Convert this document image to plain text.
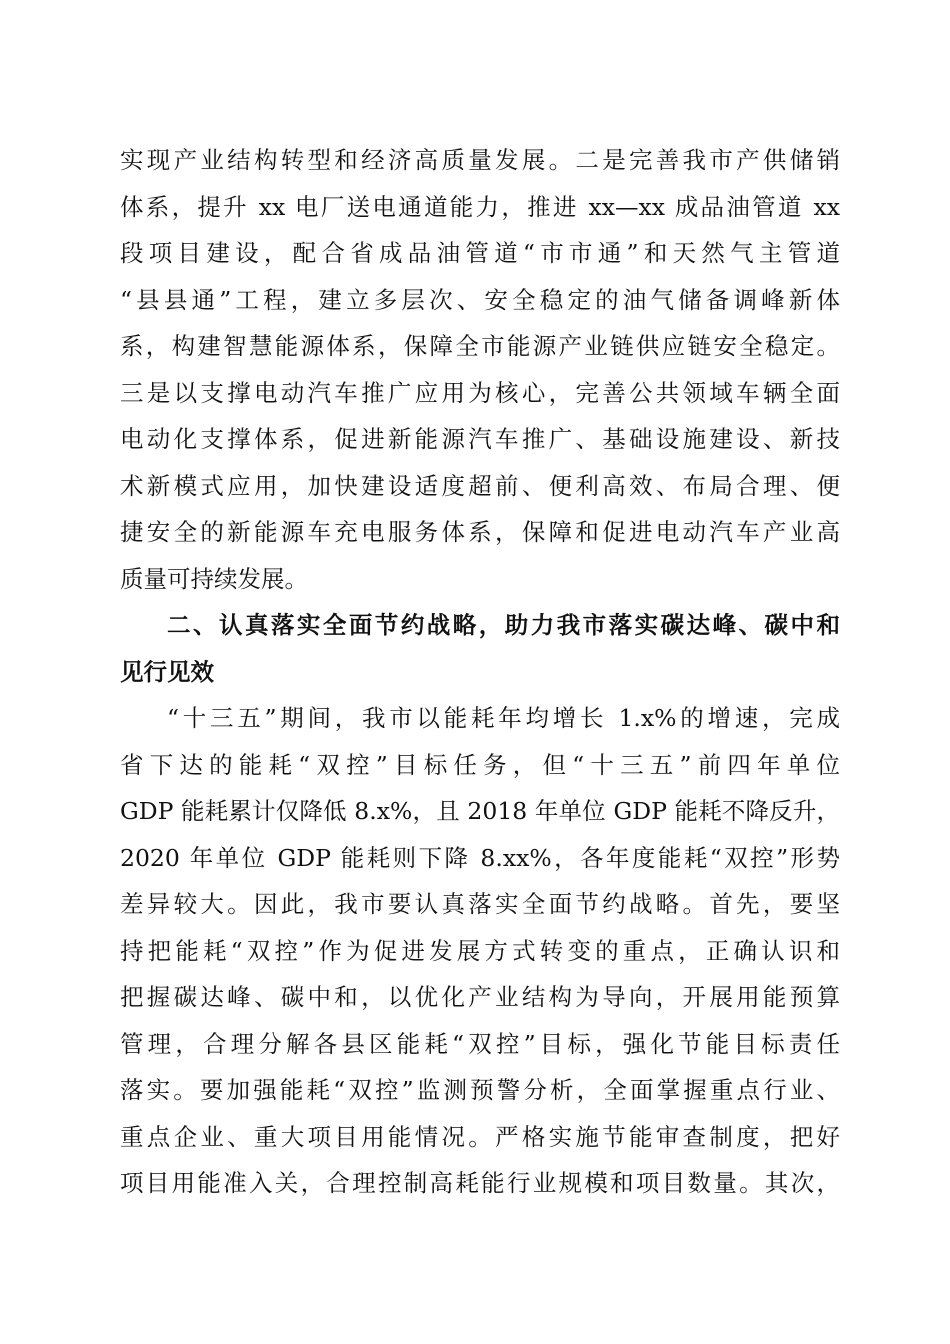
实现产业结构转型和经济高质量发展。二是完善我市产供储销
体系，提升 xx 电厂送电通道能力，推进 xx—xx 成品油管道 xx
段项目建设，配合省成品油管道“市市通”和天然气主管道
“县县通”工程，建立多层次、安全稳定的油气储备调峰新体
系，构建智慧能源体系，保障全市能源产业链供应链安全稳定。
三是以支撑电动汽车推广应用为核心，完善公共领域车辆全面
电动化支撑体系，促进新能源汽车推广、基础设施建设、新技
术新模式应用，加快建设适度超前、便利高效、布局合理、便
捷安全的新能源车充电服务体系，保障和促进电动汽车产业高
质量可持续发展。
二、认真落实全面节约战略，助力我市落实碳达峰、碳中和
见行见效
“十三五”期间，我市以能耗年均增长 1.x%的增速，完成
省下达的能耗“双控”目标任务，但“十三五”前四年单位
GDP 能耗累计仅降低 8.x%，且 2018 年单位 GDP 能耗不降反升，
2020 年单位 GDP 能耗则下降 8.xx%，各年度能耗“双控”形势
差异较大。因此，我市要认真落实全面节约战略。首先，要坚
持把能耗“双控”作为促进发展方式转变的重点，正确认识和
把握碳达峰、碳中和，以优化产业结构为导向，开展用能预算
管理，合理分解各县区能耗“双控”目标，强化节能目标责任
落实。要加强能耗“双控”监测预警分析，全面掌握重点行业、
重点企业、重大项目用能情况。严格实施节能审查制度，把好
项目用能准入关，合理控制高耗能行业规模和项目数量。其次，
